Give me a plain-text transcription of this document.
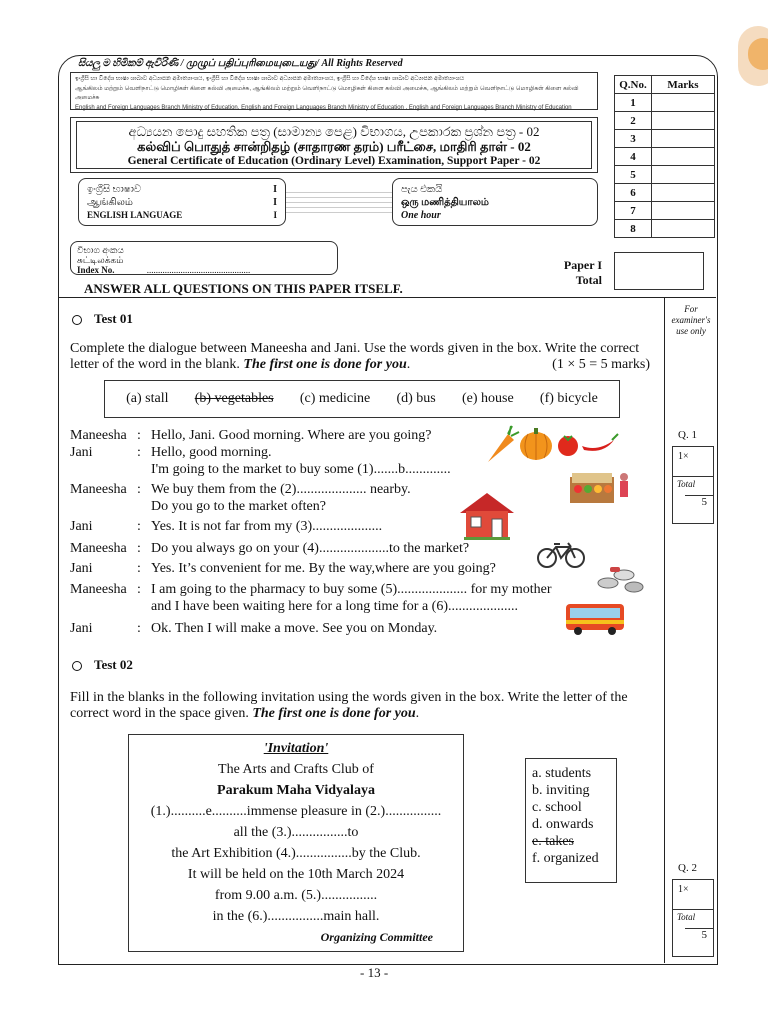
සියලු ම හිමිකම් ඇවිරිණි / முழுப் பதிப்புரிமையுடையது/ All Rights Reserved
ඉංග්‍රීසි හා විදේශ භාෂා ශාඛාව අධ්‍යාපන අමාත්‍යාංශය, ඉංග්‍රීසි හා විදේශ භාෂා ශාඛාව අධ්‍යාපන අමාත්‍යාංශය, ඉංග්‍රීසි හා විදේශ භාෂා ශාඛාව අධ්‍යාපන අමාත්‍යාංශය
ஆங்கிலம் மற்றும் வெளிநாட்டு மொழிகள் கிளை கல்வி அமைச்சு, ஆங்கிலம் மற்றும் வெளிநாட்டு மொழிகள் கிளை கல்வி அமைச்சு, ஆங்கிலம் மற்றும் வெளிநாட்டு மொழிகள் கிளை கல்வி அமைச்சு
English and Foreign Languages Branch Ministry of Education, English and Foreign Languages Branch Ministry of Education , English and Foreign Languages Branch Ministry of Education
Q.No.	Marks
1	
2	
3	
4	
5	
6	
7	
8	
අධ්‍යයන පොදු සහතික පත්‍ර (සාමාන්‍ය පෙළ) විභාගය, උපකාරක ප්‍රශ්න පත්‍ර - 02
கல்விப் பொதுத் சான்றிதழ் (சாதாரண தரம்) பரீட்சை, மாதிரி தாள் - 02
General Certificate of Education (Ordinary Level) Examination, Support Paper - 02
ඉංග්‍රීසි භාෂාව	I
ஆங்கிலம்	I
ENGLISH LANGUAGE	I
පැය එකයි
ஒரு மணித்தியாலம்
One hour
විභාග අංකය
சுட்டிலக்கம்
Index No.	..............................................	Paper I
Total
ANSWER ALL QUESTIONS ON THIS PAPER ITSELF.
For examiner's use only
Test 01
Complete the dialogue between Maneesha and Jani. Use the words given in the box. Write the correct letter of the word in the blank. The first one is done for you.	(1 × 5 = 5 marks)
(a) stall (b) vegetables (c) medicine (d) bus (e) house (f) bicycle
Maneesha : Hello, Jani. Good morning. Where are you going?
Jani	: Hello, good morning.
I'm going to the market to buy some (1).......b.............
Maneesha : We buy them from the (2).................... nearby.
Do you go to the market often?
Jani	: Yes. It is not far from my (3)....................
Maneesha : Do you always go on your (4)....................to the market?
Jani	: Yes. It’s convenient for me. By the way,where are you going?
Maneesha : I am going to the pharmacy to buy some (5).................... for my mother
and I have been waiting here for a long time for a (6)....................
Jani	: Ok. Then I will make a move. See you on Monday.
Q. 1
1×
Total
5
Test 02
Fill in the blanks in the following invitation using the words given in the box. Write the letter of the correct word in the space given. The first one is done for you.
'Invitation'
The Arts and Crafts Club of
Parakum Maha Vidyalaya
(1.)..........e..........immense pleasure in (2.)................
all the (3.)................to
the Art Exhibition (4.)................by the Club.
It will be held on the 10th March 2024
from 9.00 a.m. (5.)................
in the (6.)................main hall.
Organizing Committee
a. students
b. inviting
c. school
d. onwards
e. takes
f. organized
Q. 2
1×
Total
5
- 13 -
